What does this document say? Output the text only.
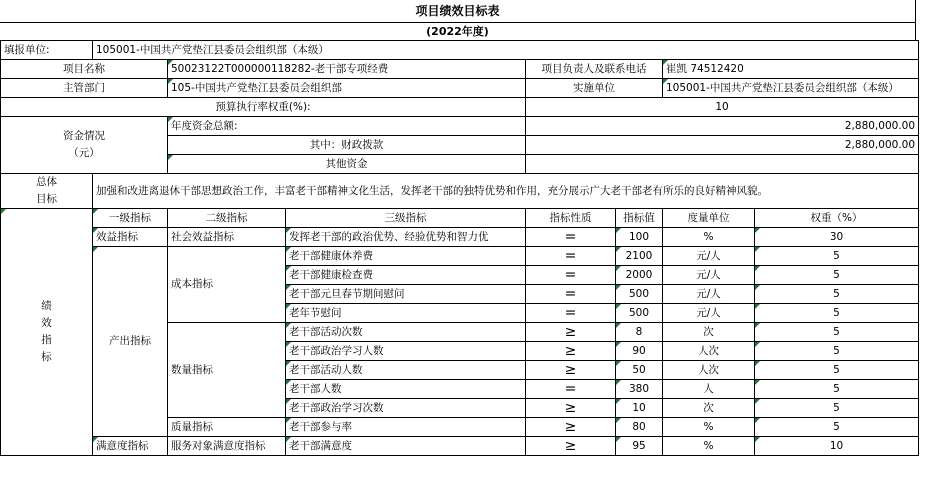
项目绩效目标表
(2022年度)
填报单位:	105001-中国共产党垫江县委员会组织部（本级）						
项目名称		50023122T000000118282-老干部专项经费		项目负责人及联系电话		崔凯 74512420	
主管部门		105-中国共产党垫江县委员会组织部		实施单位		105001-中国共产党垫江县委员会组织部（本级）	
预算执行率权重(%):				10			
资金情况
（元）		年度资金总额:		2,880,000.00			
		其中：财政拨款		2,880,000.00			
		其他资金					
总体
目标	加强和改进离退休干部思想政治工作，丰富老干部精神文化生活，发挥老干部的独特优势和作用，充分展示广大老干部老有所乐的良好精神风貌。						
绩
效
指
标	一级指标	二级指标	三级指标	指标性质	指标值	度量单位	权重（%）
	效益指标	社会效益指标	发挥老干部的政治优势、经验优势和智力优	=	100	%	30
	产出指标	成本指标	老干部健康休养费	=	2100	元/人	5
			老干部健康检查费	=	2000	元/人	5
			老干部元旦春节期间慰问	=	500	元/人	5
			老年节慰问	=	500	元/人	5
		数量指标	老干部活动次数	≥	8	次	5
			老干部政治学习人数	≥	90	人次	5
			老干部活动人数	≥	50	人次	5
			老干部人数	=	380	人	5
			老干部政治学习次数	≥	10	次	5
		质量指标	老干部参与率	≥	80	%	5
	满意度指标	服务对象满意度指标	老干部满意度	≥	95	%	10
